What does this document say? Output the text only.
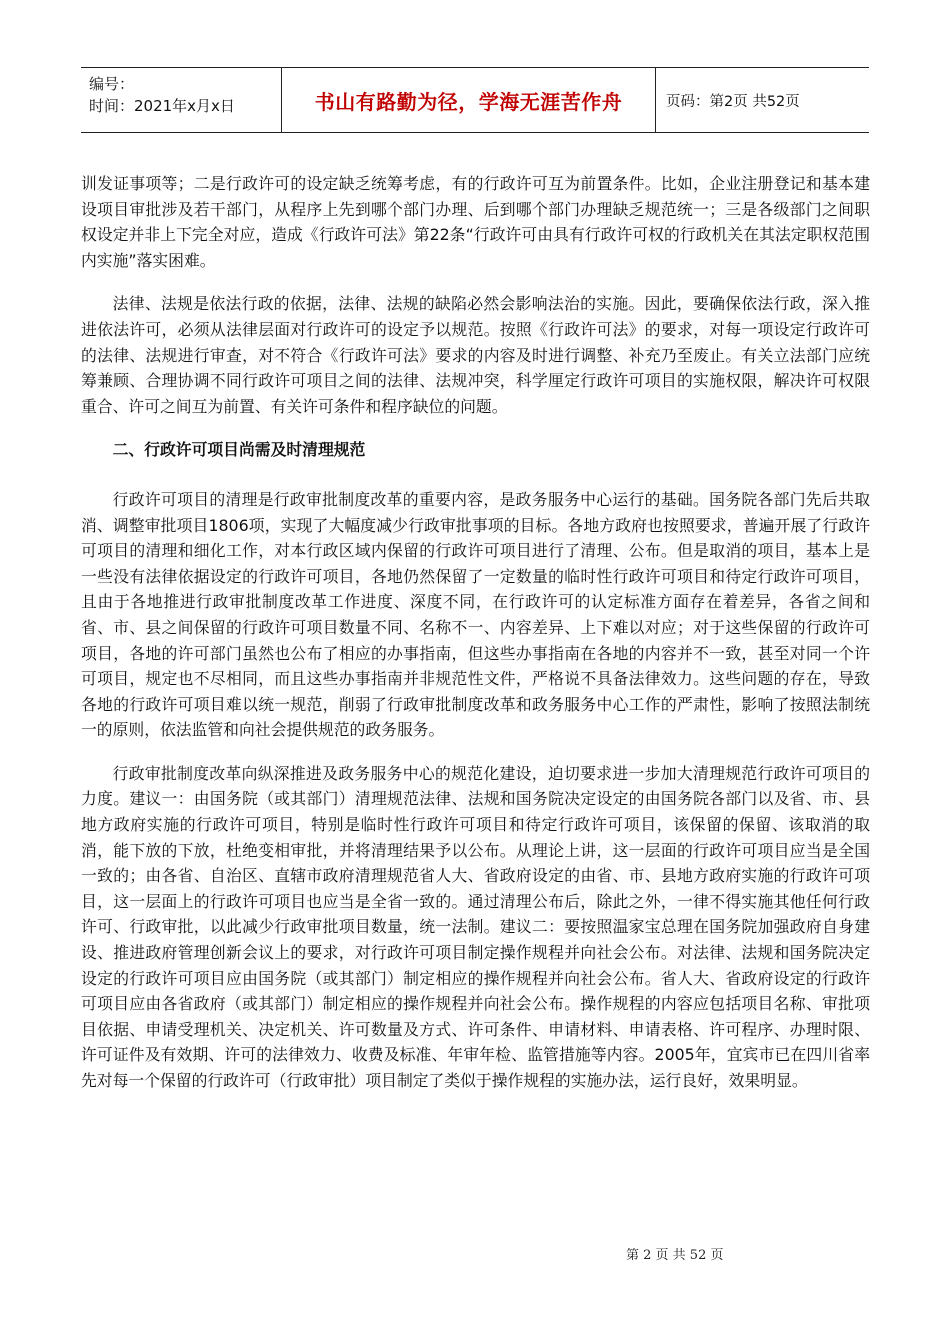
编号：
时间：2021年x月x日	书山有路勤为径，学海无涯苦作舟	页码：第2页 共52页

训发证事项等；二是行政许可的设定缺乏统筹考虑，有的行政许可互为前置条件。比如，企业注册登记和基本建设项目审批涉及若干部门，从程序上先到哪个部门办理、后到哪个部门办理缺乏规范统一；三是各级部门之间职权设定并非上下完全对应，造成《行政许可法》第22条“行政许可由具有行政许可权的行政机关在其法定职权范围内实施”落实困难。

法律、法规是依法行政的依据，法律、法规的缺陷必然会影响法治的实施。因此，要确保依法行政，深入推进依法许可，必须从法律层面对行政许可的设定予以规范。按照《行政许可法》的要求，对每一项设定行政许可的法律、法规进行审查，对不符合《行政许可法》要求的内容及时进行调整、补充乃至废止。有关立法部门应统筹兼顾、合理协调不同行政许可项目之间的法律、法规冲突，科学厘定行政许可项目的实施权限，解决许可权限重合、许可之间互为前置、有关许可条件和程序缺位的问题。

二、行政许可项目尚需及时清理规范

行政许可项目的清理是行政审批制度改革的重要内容，是政务服务中心运行的基础。国务院各部门先后共取消、调整审批项目1806项，实现了大幅度减少行政审批事项的目标。各地方政府也按照要求，普遍开展了行政许可项目的清理和细化工作，对本行政区域内保留的行政许可项目进行了清理、公布。但是取消的项目，基本上是一些没有法律依据设定的行政许可项目，各地仍然保留了一定数量的临时性行政许可项目和待定行政许可项目，且由于各地推进行政审批制度改革工作进度、深度不同，在行政许可的认定标准方面存在着差异，各省之间和省、市、县之间保留的行政许可项目数量不同、名称不一、内容差异、上下难以对应；对于这些保留的行政许可项目，各地的许可部门虽然也公布了相应的办事指南，但这些办事指南在各地的内容并不一致，甚至对同一个许可项目，规定也不尽相同，而且这些办事指南并非规范性文件，严格说不具备法律效力。这些问题的存在，导致各地的行政许可项目难以统一规范，削弱了行政审批制度改革和政务服务中心工作的严肃性，影响了按照法制统一的原则，依法监管和向社会提供规范的政务服务。

行政审批制度改革向纵深推进及政务服务中心的规范化建设，迫切要求进一步加大清理规范行政许可项目的力度。建议一：由国务院（或其部门）清理规范法律、法规和国务院决定设定的由国务院各部门以及省、市、县地方政府实施的行政许可项目，特别是临时性行政许可项目和待定行政许可项目，该保留的保留、该取消的取消，能下放的下放，杜绝变相审批，并将清理结果予以公布。从理论上讲，这一层面的行政许可项目应当是全国一致的；由各省、自治区、直辖市政府清理规范省人大、省政府设定的由省、市、县地方政府实施的行政许可项目，这一层面上的行政许可项目也应当是全省一致的。通过清理公布后，除此之外，一律不得实施其他任何行政许可、行政审批，以此减少行政审批项目数量，统一法制。建议二：要按照温家宝总理在国务院加强政府自身建设、推进政府管理创新会议上的要求，对行政许可项目制定操作规程并向社会公布。对法律、法规和国务院决定设定的行政许可项目应由国务院（或其部门）制定相应的操作规程并向社会公布。省人大、省政府设定的行政许可项目应由各省政府（或其部门）制定相应的操作规程并向社会公布。操作规程的内容应包括项目名称、审批项目依据、申请受理机关、决定机关、许可数量及方式、许可条件、申请材料、申请表格、许可程序、办理时限、许可证件及有效期、许可的法律效力、收费及标准、年审年检、监管措施等内容。2005年，宜宾市已在四川省率先对每一个保留的行政许可（行政审批）项目制定了类似于操作规程的实施办法，运行良好，效果明显。

第 2 页 共 52 页
